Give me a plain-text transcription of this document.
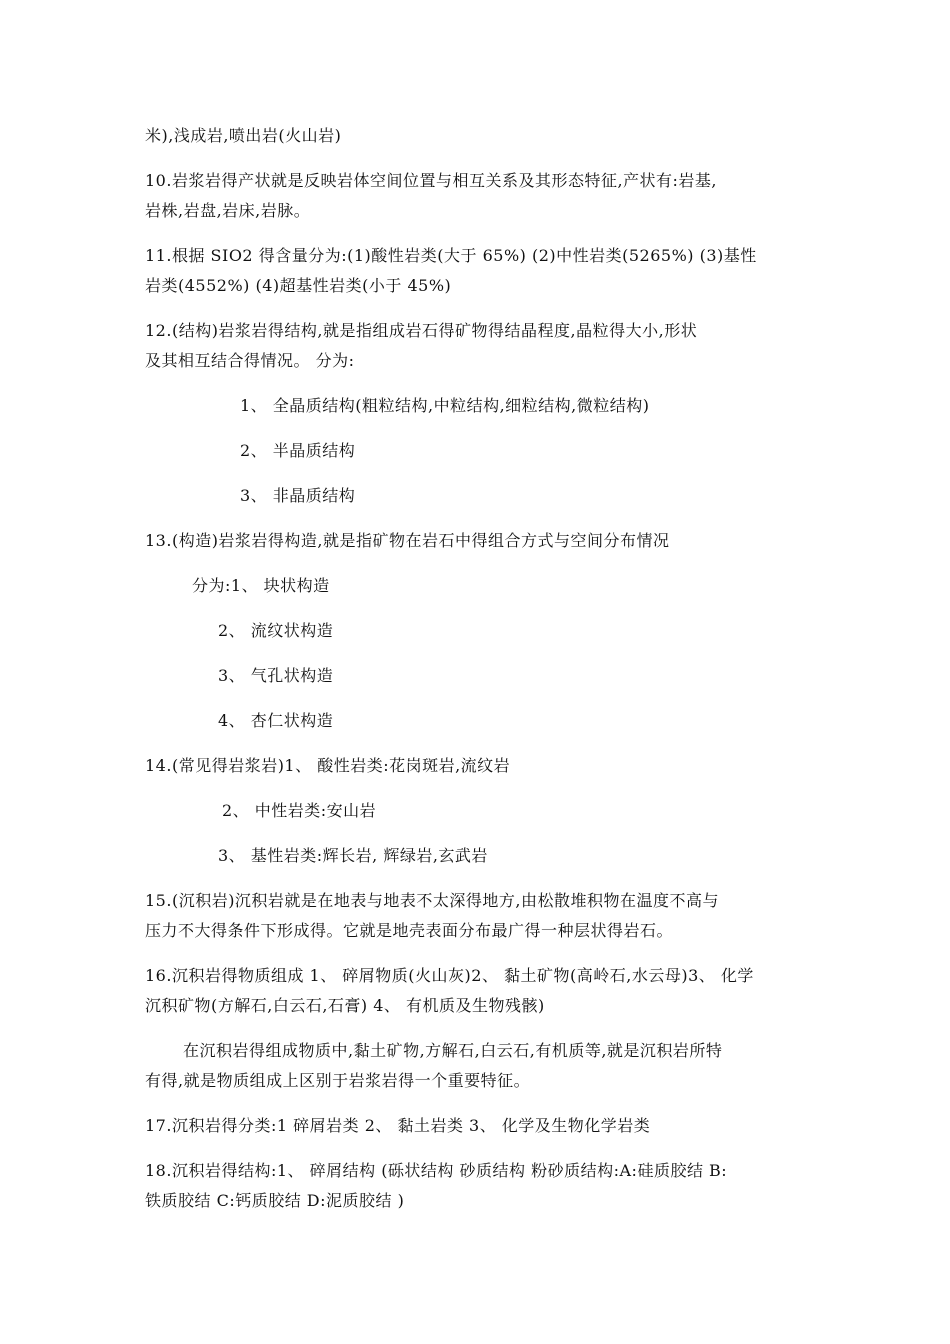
米),浅成岩,喷出岩(火山岩)
10.岩浆岩得产状就是反映岩体空间位置与相互关系及其形态特征,产状有:岩基,
岩株,岩盘,岩床,岩脉。
11.根据 SIO2 得含量分为:(1)酸性岩类(大于 65%) (2)中性岩类(5265%) (3)基性
岩类(4552%) (4)超基性岩类(小于 45%)
12.(结构)岩浆岩得结构,就是指组成岩石得矿物得结晶程度,晶粒得大小,形状
及其相互结合得情况。 分为:
1、 全晶质结构(粗粒结构,中粒结构,细粒结构,微粒结构)
2、 半晶质结构
3、 非晶质结构
13.(构造)岩浆岩得构造,就是指矿物在岩石中得组合方式与空间分布情况
分为:1、 块状构造
2、 流纹状构造
3、 气孔状构造
4、 杏仁状构造
14.(常见得岩浆岩)1、 酸性岩类:花岗斑岩,流纹岩
2、 中性岩类:安山岩
3、 基性岩类:辉长岩, 辉绿岩,玄武岩
15.(沉积岩)沉积岩就是在地表与地表不太深得地方,由松散堆积物在温度不高与
压力不大得条件下形成得。它就是地壳表面分布最广得一种层状得岩石。
16.沉积岩得物质组成 1、 碎屑物质(火山灰)2、 黏土矿物(高岭石,水云母)3、 化学
沉积矿物(方解石,白云石,石膏) 4、 有机质及生物残骸)
在沉积岩得组成物质中,黏土矿物,方解石,白云石,有机质等,就是沉积岩所特
有得,就是物质组成上区别于岩浆岩得一个重要特征。
17.沉积岩得分类:1 碎屑岩类 2、 黏土岩类 3、 化学及生物化学岩类
18.沉积岩得结构:1、 碎屑结构 (砾状结构 砂质结构 粉砂质结构:A:硅质胶结 B:
铁质胶结 C:钙质胶结 D:泥质胶结 )
